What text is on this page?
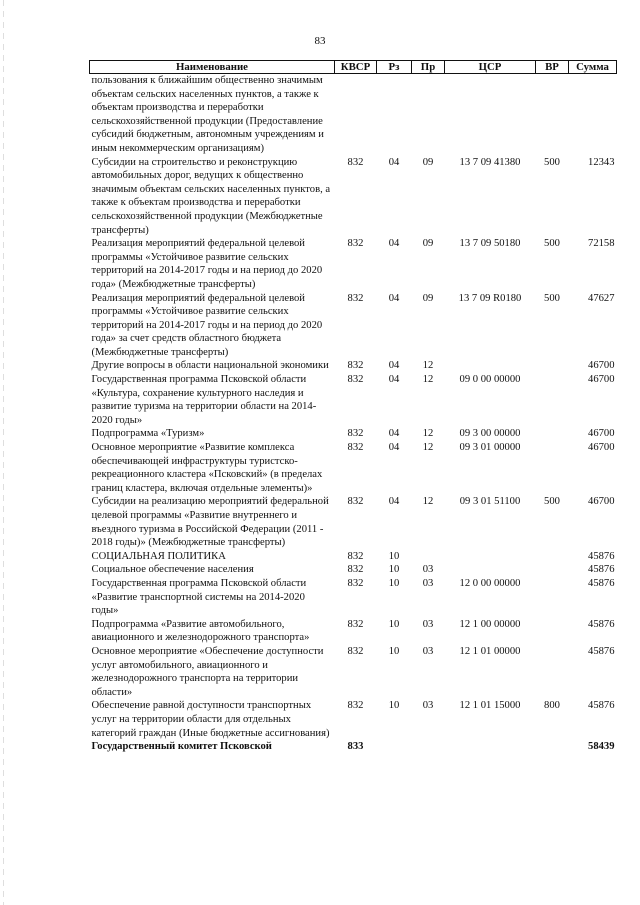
83
Наименование	КВСР	Рз	Пр	ЦСР	ВР	Сумма
пользования к ближайшим общественно значимым объектам сельских населенных пунктов, а также к объектам производства и переработки сельскохозяйственной продукции (Предоставление субсидий бюджетным, автономным учреждениям и иным некоммерческим организациям)						
Субсидии на строительство и реконструкцию автомобильных дорог, ведущих к общественно значимым объектам сельских населенных пунктов, а также к объектам производства и переработки сельскохозяйственной продукции (Межбюджетные трансферты)	832	04	09	13 7 09 41380	500	12343
Реализация мероприятий федеральной целевой программы «Устойчивое развитие сельских территорий на 2014-2017 годы и на период до 2020 года» (Межбюджетные трансферты)	832	04	09	13 7 09 50180	500	72158
Реализация мероприятий федеральной целевой программы «Устойчивое развитие сельских территорий на 2014-2017 годы и на период до 2020 года» за счет средств областного бюджета (Межбюджетные трансферты)	832	04	09	13 7 09 R0180	500	47627
Другие вопросы в области национальной экономики	832	04	12			46700
Государственная программа Псковской области «Культура, сохранение культурного наследия и развитие туризма на территории области на 2014-2020 годы»	832	04	12	09 0 00 00000		46700
Подпрограмма «Туризм»	832	04	12	09 3 00 00000		46700
Основное мероприятие «Развитие комплекса обеспечивающей инфраструктуры туристско-рекреационного кластера «Псковский» (в пределах границ кластера, включая отдельные элементы)»	832	04	12	09 3 01 00000		46700
Субсидии на реализацию мероприятий федеральной целевой программы «Развитие внутреннего и въездного туризма в Российской Федерации (2011 - 2018 годы)» (Межбюджетные трансферты)	832	04	12	09 3 01 51100	500	46700
СОЦИАЛЬНАЯ ПОЛИТИКА	832	10				45876
Социальное обеспечение населения	832	10	03			45876
Государственная программа Псковской области «Развитие транспортной системы на 2014-2020 годы»	832	10	03	12 0 00 00000		45876
Подпрограмма «Развитие автомобильного, авиационного и железнодорожного транспорта»	832	10	03	12 1 00 00000		45876
Основное мероприятие «Обеспечение доступности услуг автомобильного, авиационного и железнодорожного транспорта на территории области»	832	10	03	12 1 01 00000		45876
Обеспечение равной доступности транспортных услуг на территории области для отдельных категорий граждан (Иные бюджетные ассигнования)	832	10	03	12 1 01 15000	800	45876
Государственный комитет Псковской	833					58439
